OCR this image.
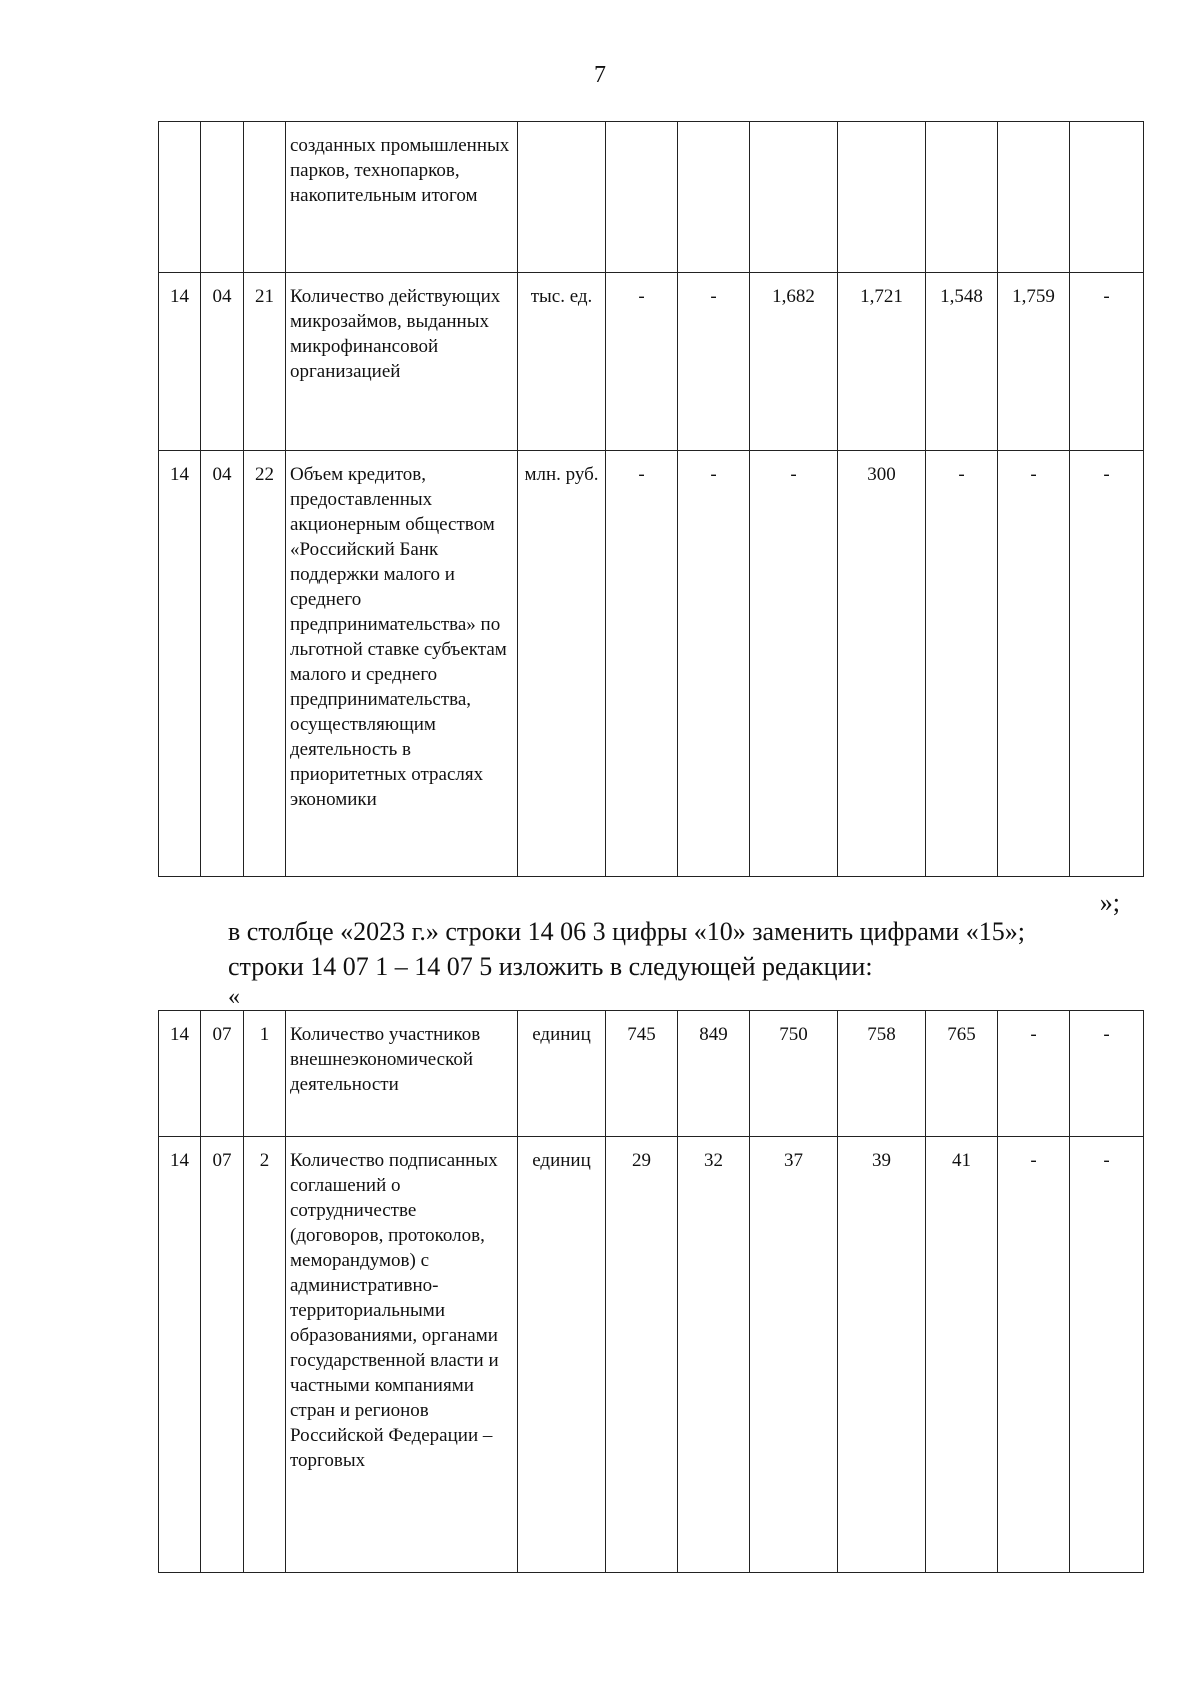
7
			созданных промышленных парков, технопарков, накопительным итогом								
14	04	21	Количество действующих микрозаймов, выданных микрофинансовой организацией	тыс. ед.	-	-	1,682	1,721	1,548	1,759	-
14	04	22	Объем кредитов, предоставленных акционерным обществом «Российский Банк поддержки малого и среднего предпринимательства» по льготной ставке субъектам малого и среднего предпринимательства, осуществляющим деятельность в приоритетных отраслях экономики	млн. руб.	-	-	-	300	-	-	-
»;
в столбце «2023 г.» строки 14 06 3 цифры «10» заменить цифрами «15»;
строки 14 07 1 – 14 07 5 изложить в следующей редакции:
«
14	07	1	Количество участников внешнеэкономической деятельности	единиц	745	849	750	758	765	-	-
14	07	2	Количество подписанных соглашений о сотрудничестве (договоров, протоколов, меморандумов) с административно-территориальными образованиями, органами государственной власти и частными компаниями стран и регионов Российской Федерации – торговых	единиц	29	32	37	39	41	-	-
